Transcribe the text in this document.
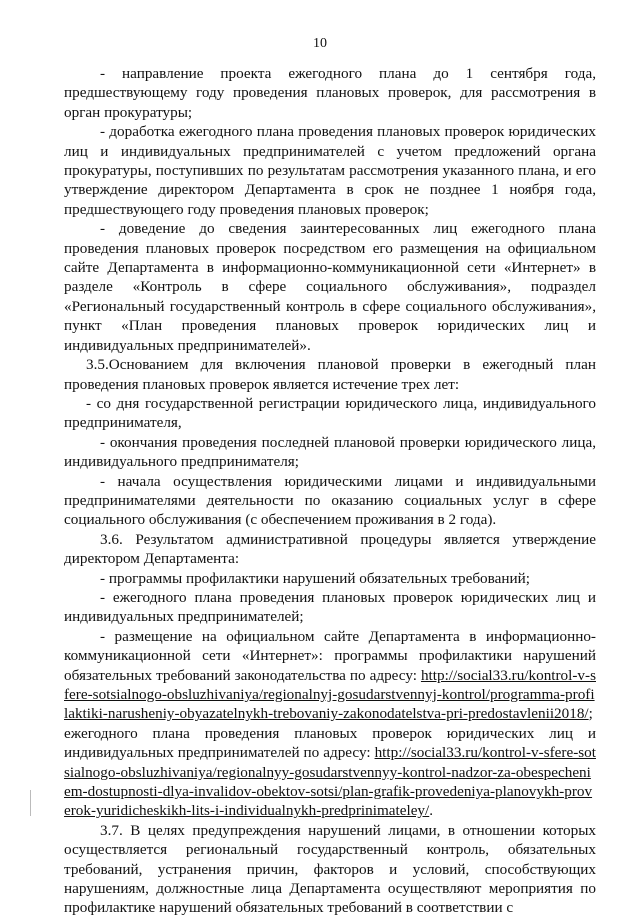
10

- направление проекта ежегодного плана до 1 сентября года, предшествующему году проведения плановых проверок, для рассмотрения в орган прокуратуры;

- доработка ежегодного плана проведения плановых проверок юридических лиц и индивидуальных предпринимателей с учетом предложений органа прокуратуры, поступивших по результатам рассмотрения указанного плана, и его утверждение директором Департамента в срок не позднее 1 ноября года, предшествующего году проведения плановых проверок;

- доведение до сведения заинтересованных лиц ежегодного плана проведения плановых проверок посредством его размещения на официальном сайте Департамента в информационно-коммуникационной сети «Интернет» в разделе «Контроль в сфере социального обслуживания», подраздел «Региональный государственный контроль в сфере социального обслуживания», пункт «План проведения плановых проверок юридических лиц и индивидуальных предпринимателей».

3.5.Основанием для включения плановой проверки в ежегодный план проведения плановых проверок является истечение трех лет:

- со дня государственной регистрации юридического лица, индивидуального предпринимателя,

- окончания проведения последней плановой проверки юридического лица, индивидуального предпринимателя;

- начала осуществления юридическими лицами и индивидуальными предпринимателями деятельности по оказанию социальных услуг в сфере социального обслуживания (с обеспечением проживания в 2 года).

3.6. Результатом административной процедуры является утверждение директором Департамента:

- программы профилактики нарушений обязательных требований;

- ежегодного плана проведения плановых проверок юридических лиц и индивидуальных предпринимателей;

- размещение на официальном сайте Департамента в информационно-коммуникационной сети «Интернет»: программы профилактики нарушений обязательных требований законодательства по адресу: http://social33.ru/kontrol-v-sfere-sotsialnogo-obsluzhivaniya/regionalnyj-gosudarstvennyj-kontrol/programma-profilaktiki-narusheniy-obyazatelnykh-trebovaniy-zakonodatelstva-pri-predostavlenii2018/; ежегодного плана проведения плановых проверок юридических лиц и индивидуальных предпринимателей по адресу: http://social33.ru/kontrol-v-sfere-sotsialnogo-obsluzhivaniya/regionalnyy-gosudarstvennyy-kontrol-nadzor-za-obespecheniem-dostupnosti-dlya-invalidov-obektov-sotsi/plan-grafik-provedeniya-planovykh-proverok-yuridicheskikh-lits-i-individualnykh-predprinimateley/.

3.7. В целях предупреждения нарушений лицами, в отношении которых осуществляется региональный государственный контроль, обязательных требований, устранения причин, факторов и условий, способствующих нарушениям, должностные лица Департамента осуществляют мероприятия по профилактике нарушений обязательных требований в соответствии с
